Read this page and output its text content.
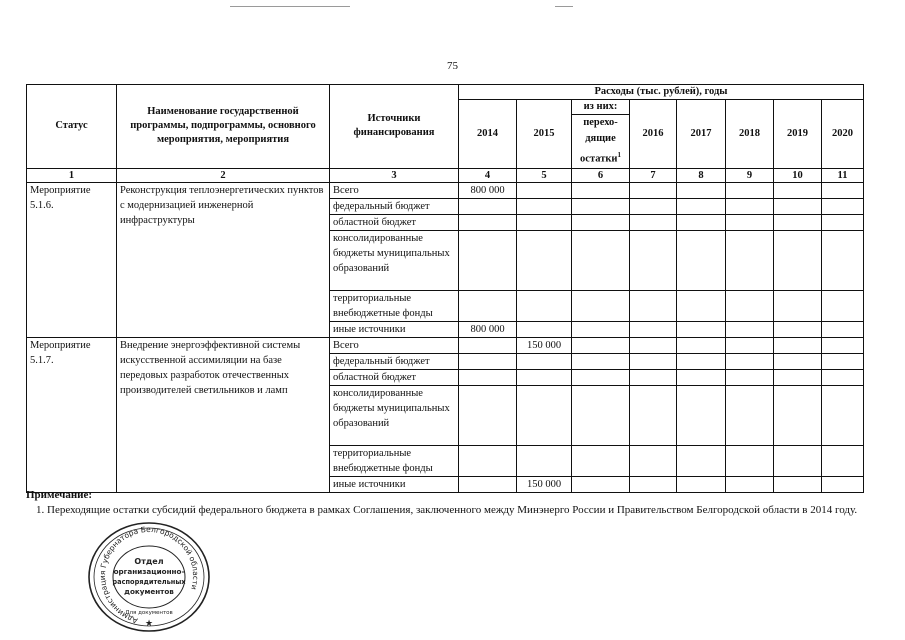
75
Статус	Наименование государственной программы, подпрограммы, основного мероприятия, мероприятия	Источники финансирования	Расходы (тыс. рублей), годы							
			2014	2015	из них:	2016	2017	2018	2019	2020
					перехо-дящие остатки$^1$
1	2	3	4	5	6	7	8	9	10	11
Мероприятие 5.1.6.	Реконструкция теплоэнергетических пунктов с модернизацией инженерной инфраструктуры	Всего	800 000							
		федеральный бюджет								
		областной бюджет								
		консолидированные бюджеты муниципальных образований								
		территориальные внебюджетные фонды								
		иные источники	800 000							
Мероприятие 5.1.7.	Внедрение энергоэффективной системы искусственной ассимиляции на базе передовых разработок отечественных производителей светильников и ламп	Всего		150 000						
		федеральный бюджет								
		областной бюджет								
		консолидированные бюджеты муниципальных образований								
		территориальные внебюджетные фонды								
		иные источники		150 000						
Примечание:
1. Переходящие остатки субсидий федерального бюджета в рамках Соглашения, заключенного между Минэнерго России и Правительством Белгородской области в 2014 году.
Администрация Губернатора Белгородской области
Отдел
организационно-
распорядительных
документов
Для документов
★
